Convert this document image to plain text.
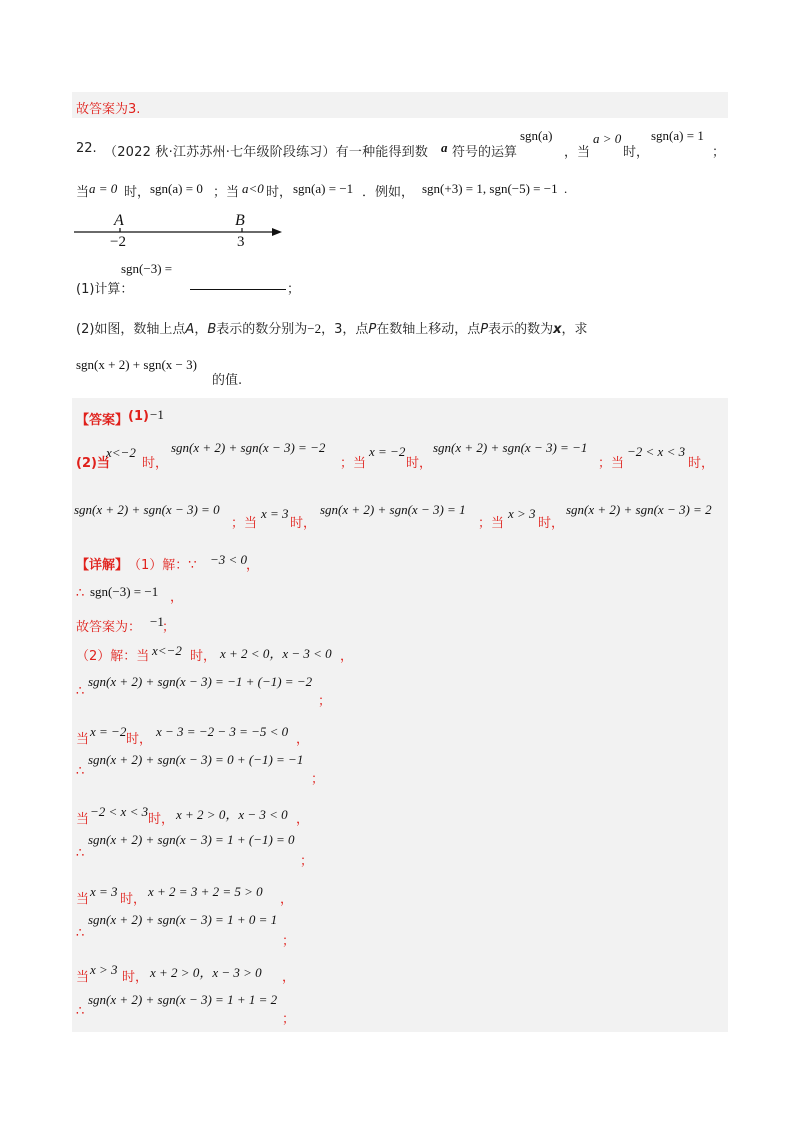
故答案为3.
22. （2022 秋·江苏苏州·七年级阶段练习）有一种能得到数 a 符号的运算
sgn(a)
，当
a > 0
时，
sgn(a) = 1
；
当 a = 0 时， sgn(a) = 0 ；当 a<0 时， sgn(a) = −1 ．例如， sgn(+3) = 1, sgn(−5) = −1 .
A	B
−2	3
(1)计算：
sgn(−3) =
；
(2)如图，数轴上点A，B表示的数分别为−2，3，点P在数轴上移动，点P表示的数为x，求
sgn(x + 2) + sgn(x − 3)
的值.
【答案】 (1) −1
(2)当
x<−2
时，
sgn(x + 2) + sgn(x − 3) = −2
；当
x = −2
时，
sgn(x + 2) + sgn(x − 3) = −1
；当
−2 < x < 3
时，
sgn(x + 2) + sgn(x − 3) = 0
；当
x = 3
时，
sgn(x + 2) + sgn(x − 3) = 1
；当
x > 3
时，
sgn(x + 2) + sgn(x − 3) = 2
【详解】 （1）解：∵ −3 < 0
，
∴ sgn(−3) = −1 ，
故答案为： −1
；
（2）解：当 x<−2 时， x + 2 < 0，x − 3 < 0 ，
∴
sgn(x + 2) + sgn(x − 3) = −1 + (−1) = −2
；
当
x = −2
时，
x − 3 = −2 − 3 = −5 < 0
，
∴
sgn(x + 2) + sgn(x − 3) = 0 + (−1) = −1
；
当
−2 < x < 3
时， x + 2 > 0，x − 3 < 0 ，
∴
sgn(x + 2) + sgn(x − 3) = 1 + (−1) = 0
；
当
x = 3
时，
x + 2 = 3 + 2 = 5 > 0
，
∴
sgn(x + 2) + sgn(x − 3) = 1 + 0 = 1
；
当
x > 3
时， x + 2 > 0，x − 3 > 0 ，
∴
sgn(x + 2) + sgn(x − 3) = 1 + 1 = 2
；
